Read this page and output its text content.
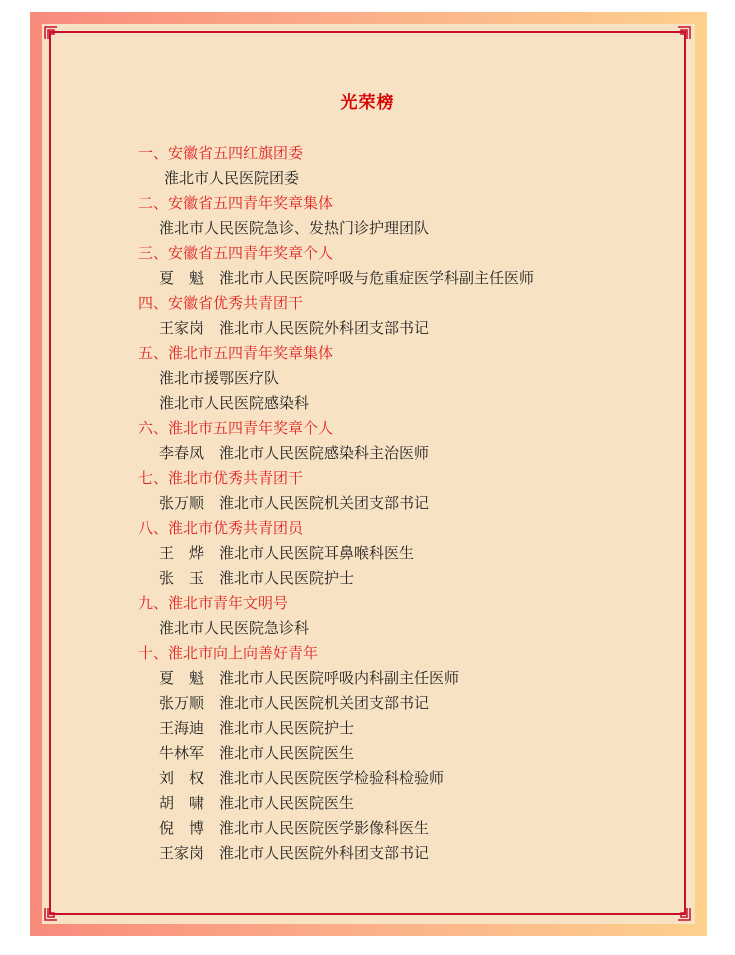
光荣榜
一、安徽省五四红旗团委
淮北市人民医院团委
二、安徽省五四青年奖章集体
淮北市人民医院急诊、发热门诊护理团队
三、安徽省五四青年奖章个人
夏　魁 淮北市人民医院呼吸与危重症医学科副主任医师
四、安徽省优秀共青团干
王家岗 淮北市人民医院外科团支部书记
五、淮北市五四青年奖章集体
淮北市援鄂医疗队
淮北市人民医院感染科
六、淮北市五四青年奖章个人
李春凤 淮北市人民医院感染科主治医师
七、淮北市优秀共青团干
张万顺 淮北市人民医院机关团支部书记
八、淮北市优秀共青团员
王　烨 淮北市人民医院耳鼻喉科医生
张　玉 淮北市人民医院护士
九、淮北市青年文明号
淮北市人民医院急诊科
十、淮北市向上向善好青年
夏　魁 淮北市人民医院呼吸内科副主任医师
张万顺 淮北市人民医院机关团支部书记
王海迪 淮北市人民医院护士
牛林军 淮北市人民医院医生
刘　权 淮北市人民医院医学检验科检验师
胡　啸 淮北市人民医院医生
倪　博 淮北市人民医院医学影像科医生
王家岗 淮北市人民医院外科团支部书记
